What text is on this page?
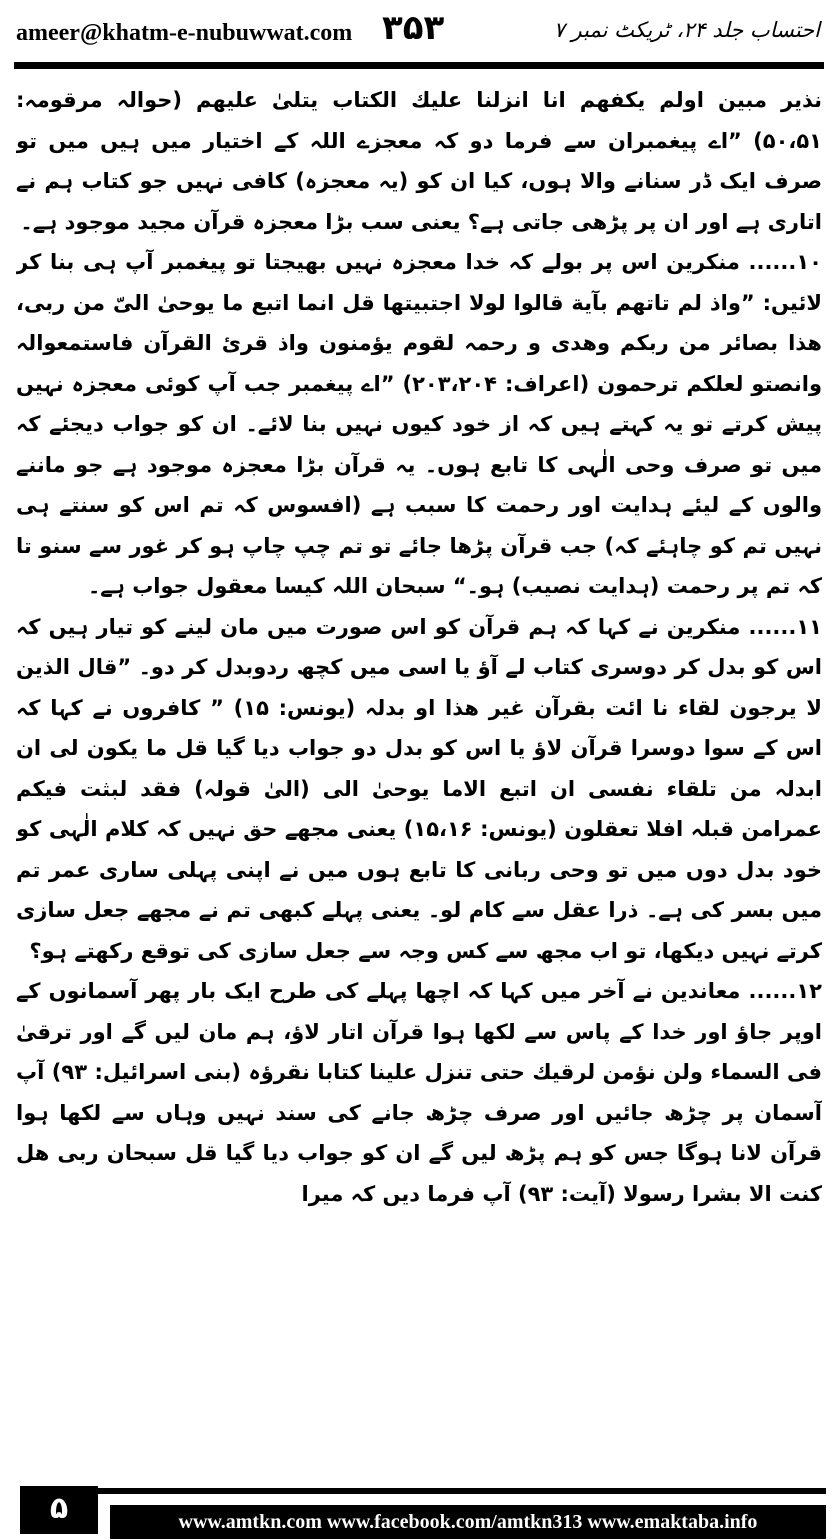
ameer@khatm-e-nubuwwat.com ۳۵۳	احتساب جلد ۲۴، ٹریکٹ نمبر ۷

نذیر مبین اولم یکفھم انا انزلنا علیك الکتاب یتلیٰ علیھم (حوالہ مرقومہ: ۵۰،۵۱) ”اے پیغمبران سے فرما دو کہ معجزے اللہ کے اختیار میں ہیں میں تو صرف ایک ڈر سنانے والا ہوں، کیا ان کو (یہ معجزہ) کافی نہیں جو کتاب ہم نے اتاری ہے اور ان پر پڑھی جاتی ہے؟ یعنی سب بڑا معجزہ قرآن مجید موجود ہے۔

۱۰...... منکرین اس پر بولے کہ خدا معجزہ نہیں بھیجتا تو پیغمبر آپ ہی بنا کر لائیں: ”واذ لم تاتھم بآیة قالوا لولا اجتبیتھا قل انما اتبع ما یوحیٰ الیّ من ربی، ھذا بصائر من ربکم وھدی و رحمہ لقوم یؤمنون واذ قرئ القرآن فاستمعوالہ وانصتو لعلکم ترحمون (اعراف: ۲۰۳،۲۰۴) ”اے پیغمبر جب آپ کوئی معجزہ نہیں پیش کرتے تو یہ کہتے ہیں کہ از خود کیوں نہیں بنا لائے۔ ان کو جواب دیجئے کہ میں تو صرف وحی الٰہی کا تابع ہوں۔ یہ قرآن بڑا معجزہ موجود ہے جو ماننے والوں کے لیئے ہدایت اور رحمت کا سبب ہے (افسوس کہ تم اس کو سنتے ہی نہیں تم کو چاہئے کہ) جب قرآن پڑھا جائے تو تم چپ چاپ ہو کر غور سے سنو تا کہ تم پر رحمت (ہدایت نصیب) ہو۔“ سبحان اللہ کیسا معقول جواب ہے۔

۱۱...... منکرین نے کہا کہ ہم قرآن کو اس صورت میں مان لینے کو تیار ہیں کہ اس کو بدل کر دوسری کتاب لے آؤ یا اسی میں کچھ ردوبدل کر دو۔ ”قال الذین لا یرجون لقاء نا ائت بقرآن غیر ھذا او بدلہ (یونس: ۱۵) ” کافروں نے کہا کہ اس کے سوا دوسرا قرآن لاؤ یا اس کو بدل دو جواب دیا گیا قل ما یکون لی ان ابدلہ من تلقاء نفسی ان اتبع الاما یوحیٰ الی (الیٰ قولہ) فقد لبثت فیکم عمرامن قبلہ افلا تعقلون (یونس: ۱۵،۱۶) یعنی مجھے حق نہیں کہ کلام الٰہی کو خود بدل دوں میں تو وحی ربانی کا تابع ہوں میں نے اپنی پہلی ساری عمر تم میں بسر کی ہے۔ ذرا عقل سے کام لو۔ یعنی پہلے کبھی تم نے مجھے جعل سازی کرتے نہیں دیکھا، تو اب مجھ سے کس وجہ سے جعل سازی کی توقع رکھتے ہو؟

۱۲...... معاندین نے آخر میں کہا کہ اچھا پہلے کی طرح ایک بار پھر آسمانوں کے اوپر جاؤ اور خدا کے پاس سے لکھا ہوا قرآن اتار لاؤ، ہم مان لیں گے اور ترقیٰ فی السماء ولن نؤمن لرقیك حتی تنزل علینا کتابا نقرؤہ (بنی اسرائیل: ۹۳) آپ آسمان پر چڑھ جائیں اور صرف چڑھ جانے کی سند نہیں وہاں سے لکھا ہوا قرآن لانا ہوگا جس کو ہم پڑھ لیں گے ان کو جواب دیا گیا قل سبحان ربی ھل کنت الا بشرا رسولا (آیت: ۹۳) آپ فرما دیں کہ میرا

۵	www.amtkn.com www.facebook.com/amtkn313 www.emaktaba.info
